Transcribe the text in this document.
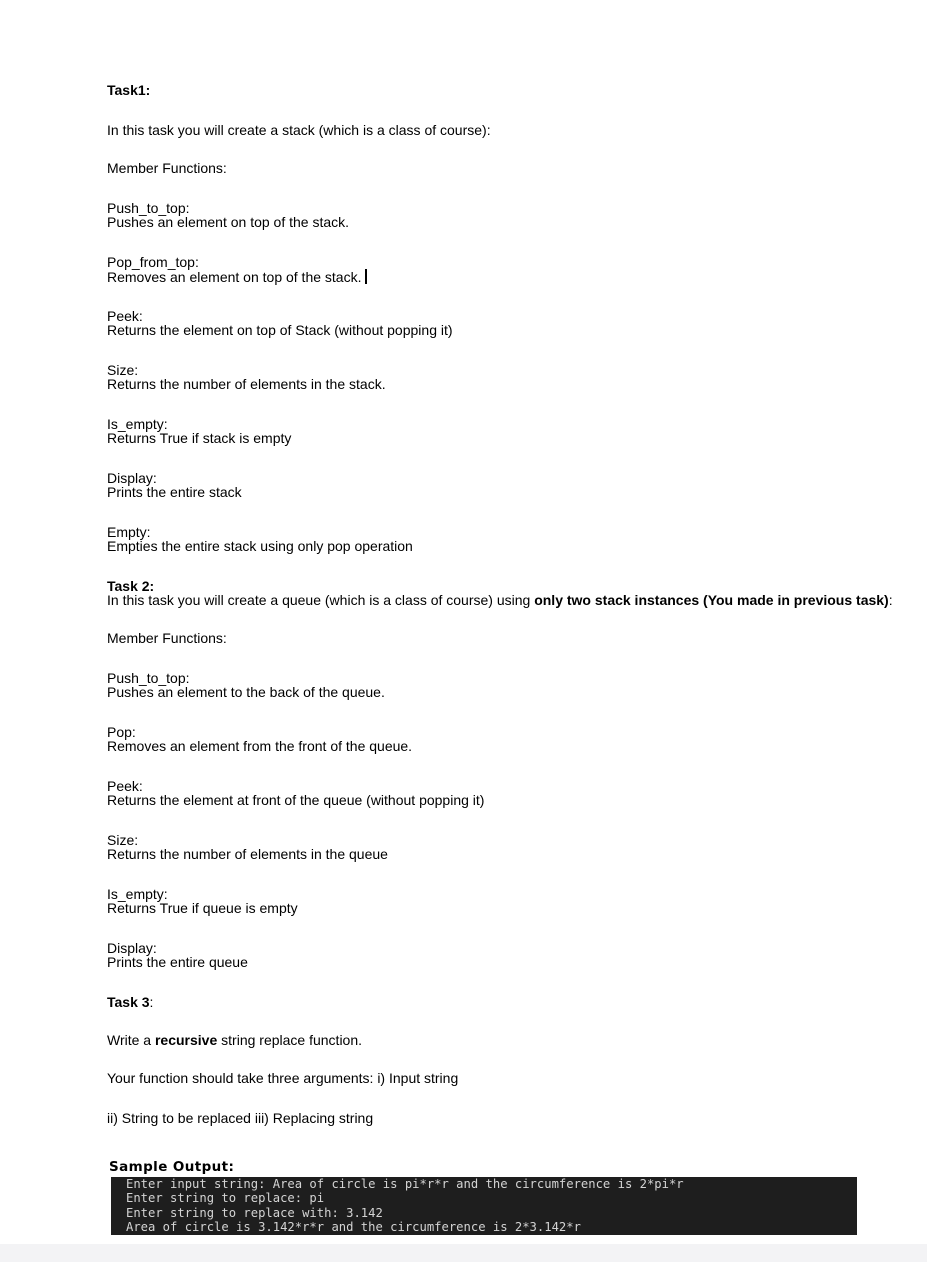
Task1:
In this task you will create a stack (which is a class of course):
Member Functions:
Push_to_top:
Pushes an element on top of the stack.
Pop_from_top:
Removes an element on top of the stack.
Peek:
Returns the element on top of Stack (without popping it)
Size:
Returns the number of elements in the stack.
Is_empty:
Returns True if stack is empty
Display:
Prints the entire stack
Empty:
Empties the entire stack using only pop operation
Task 2:
In this task you will create a queue (which is a class of course) using only two stack instances (You made in previous task):
Member Functions:
Push_to_top:
Pushes an element to the back of the queue.
Pop:
Removes an element from the front of the queue.
Peek:
Returns the element at front of the queue (without popping it)
Size:
Returns the number of elements in the queue
Is_empty:
Returns True if queue is empty
Display:
Prints the entire queue
Task 3:
Write a recursive string replace function.
Your function should take three arguments: i) Input string
ii) String to be replaced iii) Replacing string
Sample Output:
Enter input string: Area of circle is pi*r*r and the circumference is 2*pi*r
Enter string to replace: pi
Enter string to replace with: 3.142
Area of circle is 3.142*r*r and the circumference is 2*3.142*r
